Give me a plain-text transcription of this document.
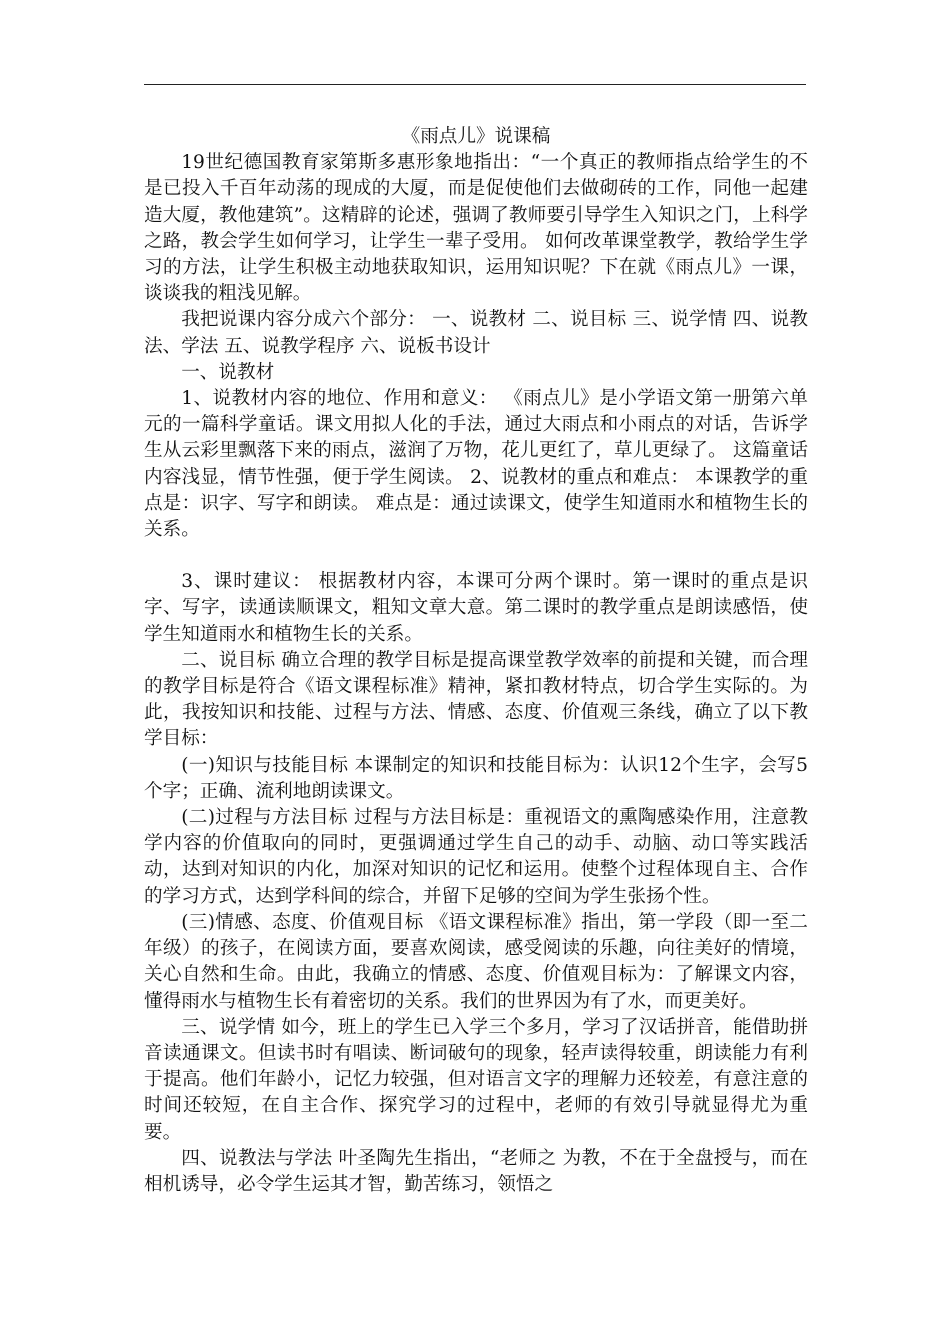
《雨点儿》说课稿

19世纪德国教育家第斯多惠形象地指出：“一个真正的教师指点给学生的不是已投入千百年动荡的现成的大厦，而是促使他们去做砌砖的工作，同他一起建造大厦，教他建筑”。这精辟的论述，强调了教师要引导学生入知识之门，上科学之路，教会学生如何学习，让学生一辈子受用。 如何改革课堂教学，教给学生学习的方法，让学生积极主动地获取知识，运用知识呢？下在就《雨点儿》一课，谈谈我的粗浅见解。

我把说课内容分成六个部分： 一、说教材 二、说目标 三、说学情 四、说教法、学法 五、说教学程序 六、说板书设计

一、说教材

1、说教材内容的地位、作用和意义： 《雨点儿》是小学语文第一册第六单元的一篇科学童话。课文用拟人化的手法，通过大雨点和小雨点的对话，告诉学生从云彩里飘落下来的雨点，滋润了万物，花儿更红了，草儿更绿了。 这篇童话内容浅显，情节性强，便于学生阅读。 2、说教材的重点和难点： 本课教学的重点是：识字、写字和朗读。 难点是：通过读课文，使学生知道雨水和植物生长的关系。

3、课时建议： 根据教材内容，本课可分两个课时。第一课时的重点是识字、写字，读通读顺课文，粗知文章大意。第二课时的教学重点是朗读感悟，使学生知道雨水和植物生长的关系。

二、说目标 确立合理的教学目标是提高课堂教学效率的前提和关键，而合理的教学目标是符合《语文课程标准》精神，紧扣教材特点，切合学生实际的。为此，我按知识和技能、过程与方法、情感、态度、价值观三条线，确立了以下教学目标：

(一)知识与技能目标 本课制定的知识和技能目标为：认识12个生字，会写5个字；正确、流利地朗读课文。

(二)过程与方法目标 过程与方法目标是：重视语文的熏陶感染作用，注意教学内容的价值取向的同时，更强调通过学生自己的动手、动脑、动口等实践活动，达到对知识的内化，加深对知识的记忆和运用。使整个过程体现自主、合作的学习方式，达到学科间的综合，并留下足够的空间为学生张扬个性。

(三)情感、态度、价值观目标 《语文课程标准》指出，第一学段（即一至二年级）的孩子，在阅读方面，要喜欢阅读，感受阅读的乐趣，向往美好的情境，关心自然和生命。由此，我确立的情感、态度、价值观目标为：了解课文内容，懂得雨水与植物生长有着密切的关系。我们的世界因为有了水，而更美好。

三、说学情 如今，班上的学生已入学三个多月，学习了汉话拼音，能借助拼音读通课文。但读书时有唱读、断词破句的现象，轻声读得较重，朗读能力有利于提高。他们年龄小，记忆力较强，但对语言文字的理解力还较差，有意注意的时间还较短，在自主合作、探究学习的过程中，老师的有效引导就显得尤为重要。

四、说教法与学法 叶圣陶先生指出，“老师之 为教，不在于全盘授与，而在相机诱导，必令学生运其才智，勤苦练习，领悟之
